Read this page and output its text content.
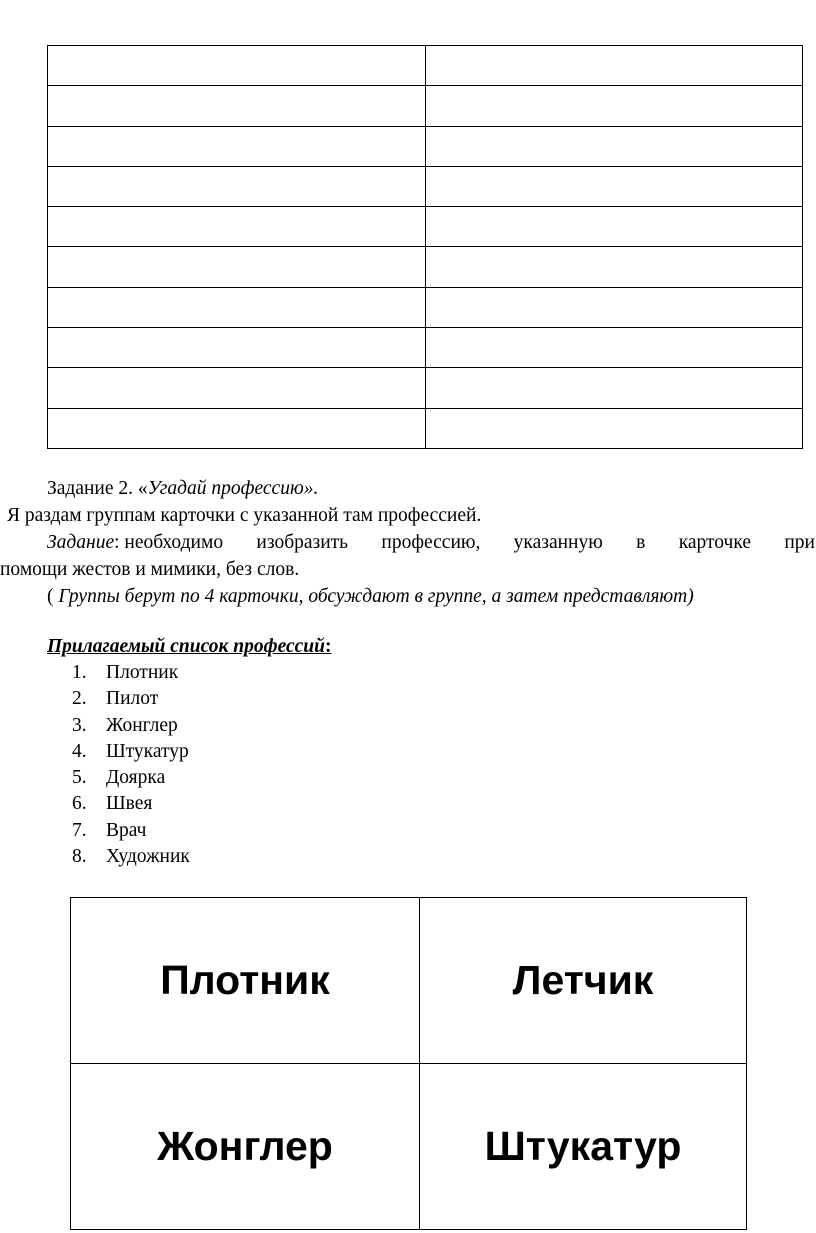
Задание 2. «Угадай профессию».
Я раздам группам карточки с указанной там профессией.
Задание: необходимо изобразить профессию, указанную в карточке при
помощи жестов и мимики, без слов.
( Группы берут по 4 карточки, обсуждают в группе, а затем представляют)
Прилагаемый список профессий:
1. Плотник
2. Пилот
3. Жонглер
4. Штукатур
5. Доярка
6. Швея
7. Врач
8. Художник
Плотник	Летчик
Жонглер	Штукатур
